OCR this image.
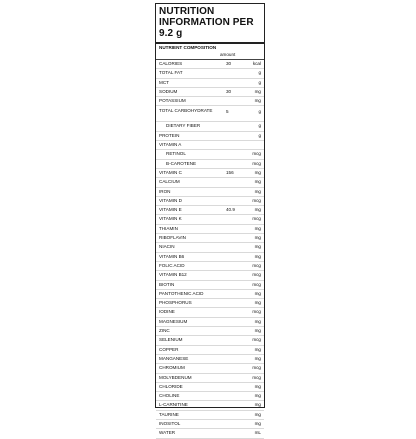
NUTRITION INFORMATION PER 9.2 g
NUTRIENT COMPOSITION
amount
CALORIES	30	kcal
TOTAL FAT	g
MCT	g
SODIUM	30	mg
POTASSIUM	mg
TOTAL CARBOHYDRATE	5	g
DIETARY FIBER	g
PROTEIN	g
VITAMIN A
RETINOL	mcg
B-CAROTENE	mcg
VITAMIN C	156	mg
CALCIUM	mg
IRON	mg
VITAMIN D	mcg
VITAMIN E	40.9	mg
VITAMIN K	mcg
THIAMIN	mg
RIBOFLAVIN	mg
NIACIN	mg
VITAMIN B6	mg
FOLIC ACID	mcg
VITAMIN B12	mcg
BIOTIN	mcg
PANTOTHENIC ACID	mg
PHOSPHORUS	mg
IODINE	mcg
MAGNESIUM	mg
ZINC	mg
SELENIUM	mcg
COPPER	mg
MANGANESE	mg
CHROMIUM	mcg
MOLYBDENUM	mcg
CHLORIDE	mg
CHOLINE	mg
L-CARNITINE	mg
TAURINE	mg
INOSITOL	mg
WATER	mL
